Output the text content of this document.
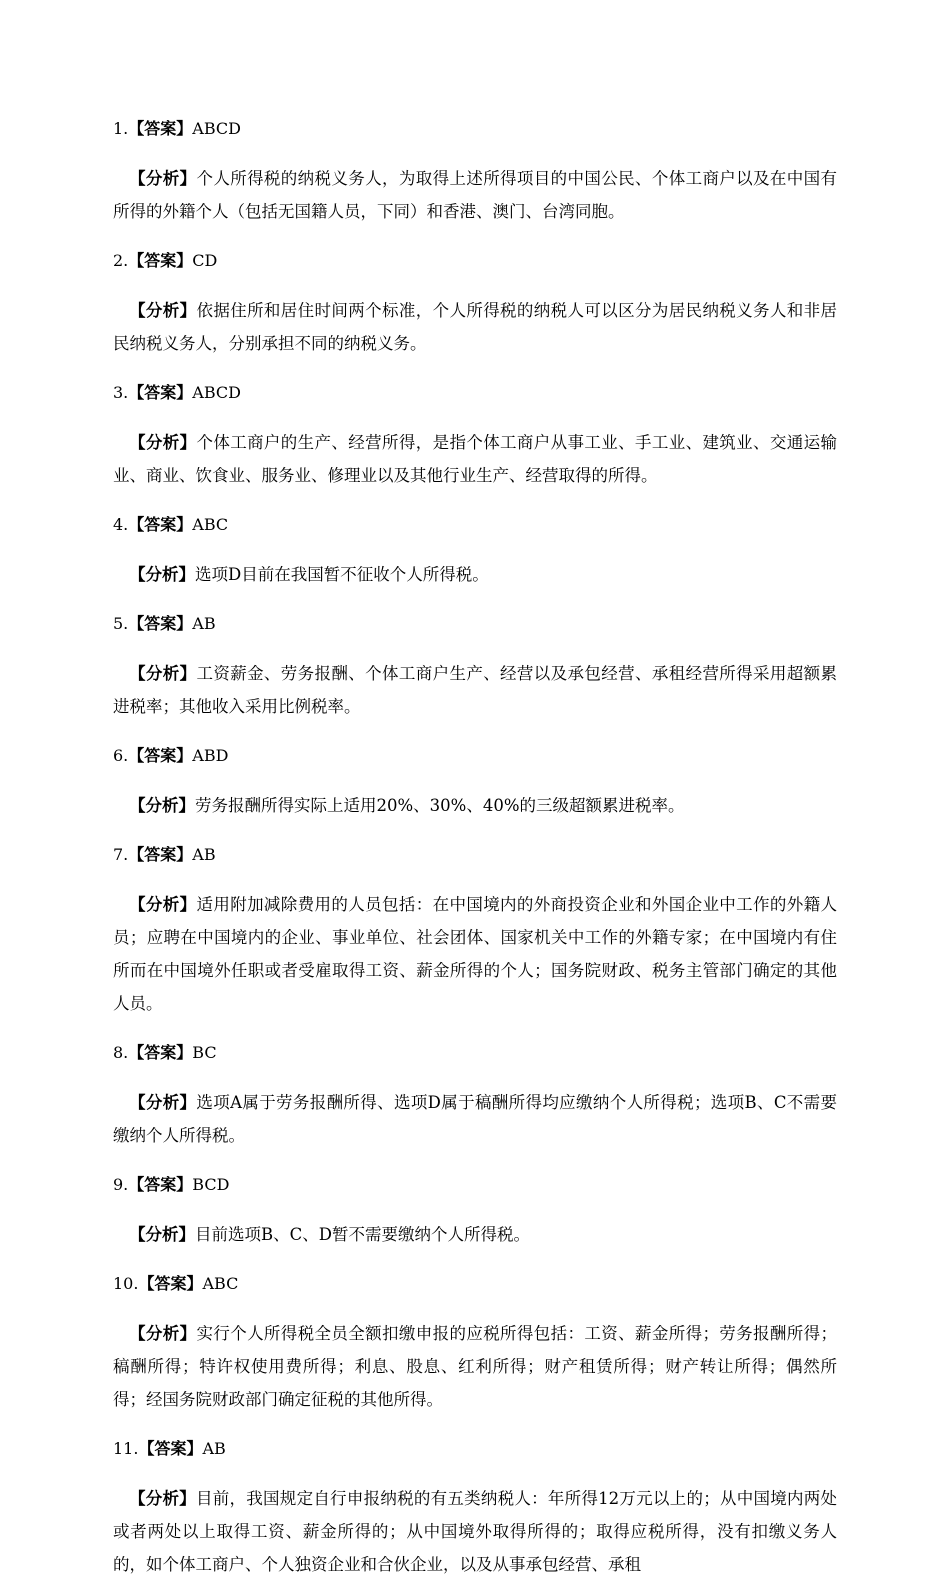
1.【答案】ABCD

【分析】个人所得税的纳税义务人，为取得上述所得项目的中国公民、个体工商户以及在中国有所得的外籍个人（包括无国籍人员，下同）和香港、澳门、台湾同胞。

2.【答案】CD

【分析】依据住所和居住时间两个标准，个人所得税的纳税人可以区分为居民纳税义务人和非居民纳税义务人，分别承担不同的纳税义务。

3.【答案】ABCD

【分析】个体工商户的生产、经营所得，是指个体工商户从事工业、手工业、建筑业、交通运输业、商业、饮食业、服务业、修理业以及其他行业生产、经营取得的所得。

4.【答案】ABC

【分析】选项D目前在我国暂不征收个人所得税。

5.【答案】AB

【分析】工资薪金、劳务报酬、个体工商户生产、经营以及承包经营、承租经营所得采用超额累进税率；其他收入采用比例税率。

6.【答案】ABD

【分析】劳务报酬所得实际上适用20%、30%、40%的三级超额累进税率。

7.【答案】AB

【分析】适用附加减除费用的人员包括：在中国境内的外商投资企业和外国企业中工作的外籍人员；应聘在中国境内的企业、事业单位、社会团体、国家机关中工作的外籍专家；在中国境内有住所而在中国境外任职或者受雇取得工资、薪金所得的个人；国务院财政、税务主管部门确定的其他人员。

8.【答案】BC

【分析】选项A属于劳务报酬所得、选项D属于稿酬所得均应缴纳个人所得税；选项B、C不需要缴纳个人所得税。

9.【答案】BCD

【分析】目前选项B、C、D暂不需要缴纳个人所得税。

10.【答案】ABC

【分析】实行个人所得税全员全额扣缴申报的应税所得包括：工资、薪金所得；劳务报酬所得；稿酬所得；特许权使用费所得；利息、股息、红利所得；财产租赁所得；财产转让所得；偶然所得；经国务院财政部门确定征税的其他所得。

11.【答案】AB

【分析】目前，我国规定自行申报纳税的有五类纳税人：年所得12万元以上的；从中国境内两处或者两处以上取得工资、薪金所得的；从中国境外取得所得的；取得应税所得，没有扣缴义务人的，如个体工商户、个人独资企业和合伙企业，以及从事承包经营、承租
